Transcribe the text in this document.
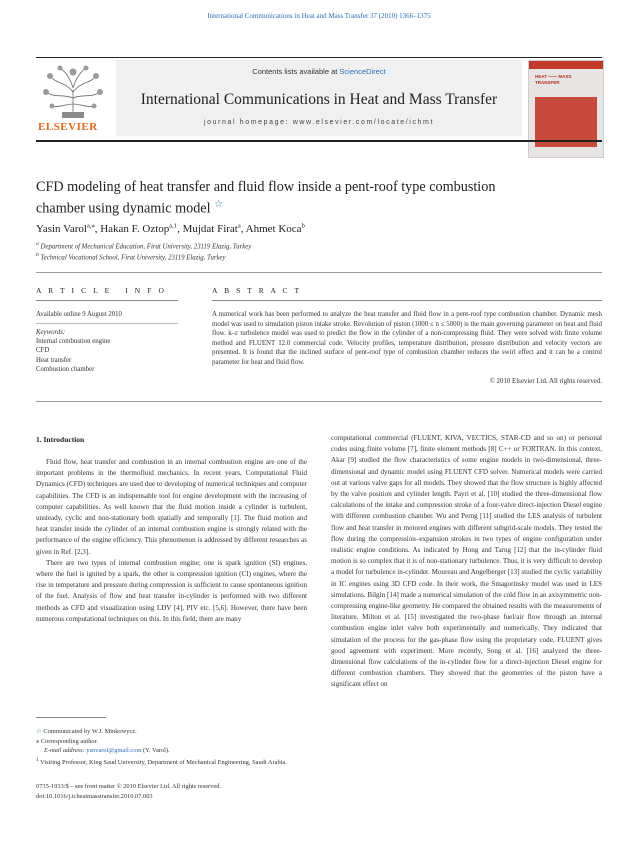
International Communications in Heat and Mass Transfer 37 (2010) 1366–1375
ELSEVIER
Contents lists available at ScienceDirect
International Communications in Heat and Mass Transfer
journal homepage: www.elsevier.com/locate/ichmt
HEAT ⁓⁓ MASS TRANSFER
CFD modeling of heat transfer and fluid flow inside a pent-roof type combustion
chamber using dynamic model ☆
Yasin Varol$^{a,⁎}$, Hakan F. Oztop$^{a,1}$, Mujdat Firat$^a$, Ahmet Koca$^b$
$^a$ Department of Mechanical Education, Firat University, 23119 Elazig, Turkey
$^b$ Technical Vocational School, Firat University, 23119 Elazig, Turkey
A R T I C L E   I N F O
Available online 9 August 2010
Keywords:
Internal combustion engine
CFD
Heat transfer
Combustion chamber
A B S T R A C T
A numerical work has been performed to analyze the heat transfer and fluid flow in a pent-roof type combustion chamber. Dynamic mesh model was used to simulation piston intake stroke. Revolution of piston (1000 ≤ n ≤ 5000) is the main governing parameter on heat and fluid flow. k–ε turbulence model was used to predict the flow in the cylinder of a non-compressing fluid. They were solved with finite volume method and FLUENT 12.0 commercial code. Velocity profiles, temperature distribution, pressure distribution and velocity vectors are presented. It is found that the inclined surface of pent-roof type of combustion chamber reduces the swirl effect and it can be a control parameter for heat and fluid flow.
© 2010 Elsevier Ltd. All rights reserved.
1. Introduction

Fluid flow, heat transfer and combustion in an internal combustion engine are one of the important problems in the thermofluid mechanics. In recent years, Computational Fluid Dynamics (CFD) techniques are used due to developing of numerical techniques and computer capabilities. The CFD is an indispensable tool for engine development with the increasing of computer capabilities. As well known that the fluid motion inside a cylinder is turbulent, unsteady, cyclic and non-stationary both spatially and temporally [1]. The fluid motion and heat transfer inside the cylinder of an internal combustion engine is strongly related with the performance of the engine efficiency. This phenomenon is addressed by different researches as given in Ref. [2,3].

There are two types of internal combustion engine; one is spark ignition (SI) engines, where the fuel is ignited by a spark, the other is compression ignition (CI) engines, where the rise in temperature and pressure during compression is sufficient to cause spontaneous ignition of the fuel. Analysis of flow and heat transfer in-cylinder is performed with two different methods as CFD and visualization using LDV [4], PIV etc. [5,6]. However, there have been numerous computational techniques on this. In this field, there are many

computational commercial (FLUENT, KIVA, VECTICS, STAR-CD and so on) or personal codes using finite volume [7], finite element methods [8] C++ or FORTRAN. In this context, Akar [9] studied the flow characteristics of some engine models in two-dimensional, three-dimensional and dynamic model using FLUENT CFD solver. Numerical models were carried out at various valve gaps for all models. They showed that the flow structure is highly affected by the valve position and cylinder length. Payri et al. [10] studied the three-dimensional flow calculations of the intake and compression stroke of a four-valve direct-injection Diesel engine with different combustion chamber. Wu and Perng [11] studied the LES analysis of turbulent flow and heat transfer in motored engines with different subgrid-scale models. They tested the flow during the compression–expansion strokes in two types of engine configuration under realistic engine conditions. As indicated by Hong and Tarng [12] that the in-cylinder fluid motion is so complex that it is of non-stationary turbulence. Thus, it is very difficult to develop a model for turbulence in-cylinder. Moureau and Angelberger [13] studied the cyclic variability in IC engines using 3D CFD code. In their work, the Smagorinsky model was used in LES simulations. Bilgin [14] made a numerical simulation of the cold flow in an axisymmetric non-compressing engine-like geometry. He compared the obtained results with the measurements of literature. Milton et al. [15] investigated the two-phase fuel/air flow through an internal combustion engine inlet valve both experimentally and numerically. They indicated that simulation of the process for the gas-phase flow using the proprietary code, FLUENT gives good agreement with experiment. More recently, Song et al. [16] analyzed the three-dimensional flow calculations of the in-cylinder flow for a direct-injection Diesel engine for different combustion chambers. They showed that the geometries of the piston have a significant effect on

☆ Communicated by W.J. Minkowycz.
⁎ Corresponding author.
E-mail address: ysnvarol@gmail.com (Y. Varol).
$^1$ Visiting Professor, King Saud University, Department of Mechanical Engineering, Saudi Arabia.
0735-1933/$ – see front matter © 2010 Elsevier Ltd. All rights reserved.
doi:10.1016/j.icheatmasstransfer.2010.07.003
